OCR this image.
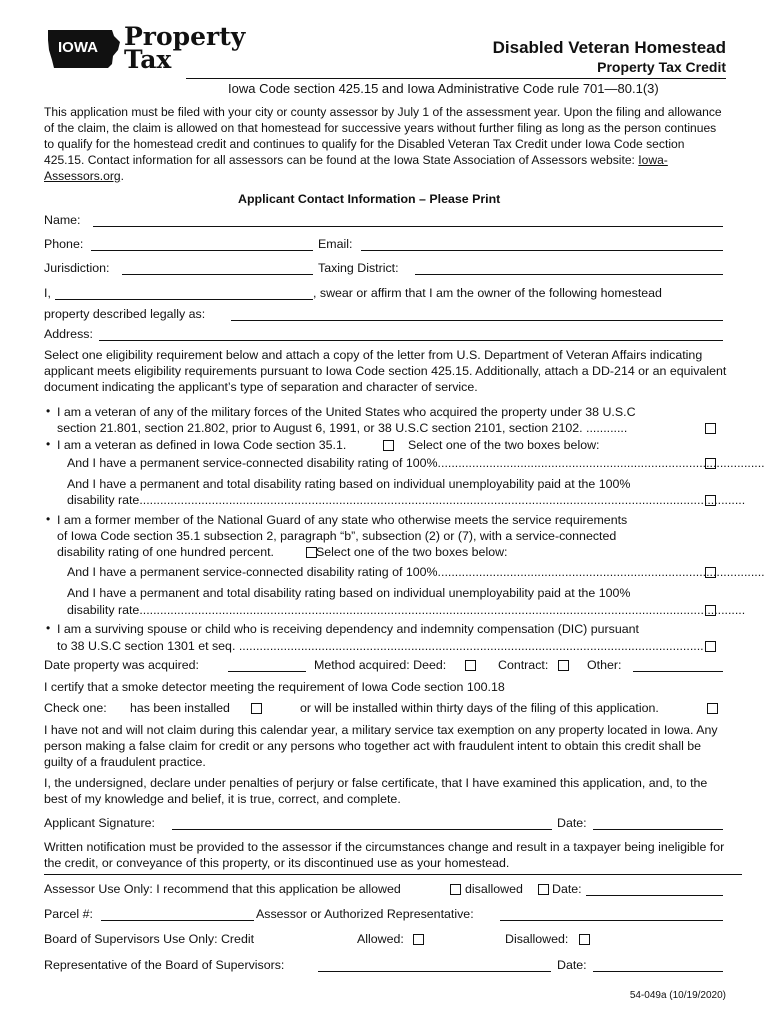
IOWA Property
Tax	Disabled Veteran Homestead
Property Tax Credit
Iowa Code section 425.15 and Iowa Administrative Code rule 701—80.1(3)
This application must be filed with your city or county assessor by July 1 of the assessment year. Upon the filing and allowance of the claim, the claim is allowed on that homestead for successive years without further filing as long as the person continues to qualify for the homestead credit and continues to qualify for the Disabled Veteran Tax Credit under Iowa Code section 425.15. Contact information for all assessors can be found at the Iowa State Association of Assessors website: Iowa-Assessors.org.
Applicant Contact Information – Please Print
Name:
Phone:	Email:
Jurisdiction:	Taxing District:
I,	, swear or affirm that I am the owner of the following homestead
property described legally as:
Address:
Select one eligibility requirement below and attach a copy of the letter from U.S. Department of Veteran Affairs indicating applicant meets eligibility requirements pursuant to Iowa Code section 425.15. Additionally, attach a DD-214 or an equivalent document indicating the applicant’s type of separation and character of service.
• I am a veteran of any of the military forces of the United States who acquired the property under 38 U.S.C
section 21.801, section 21.802, prior to August 6, 1991, or 38 U.S.C section 2101, section 2102. ............
• I am a veteran as defined in Iowa Code section 35.1.	Select one of the two boxes below:
And I have a permanent service-connected disability rating of 100%...............................................................................................
And I have a permanent and total disability rating based on individual unemployability paid at the 100%
disability rate................................................................................................................................................................................
• I am a former member of the National Guard of any state who otherwise meets the service requirements
of Iowa Code section 35.1 subsection 2, paragraph “b”, subsection (2) or (7), with a service-connected
disability rating of one hundred percent.	Select one of the two boxes below:
And I have a permanent service-connected disability rating of 100%...............................................................................................
And I have a permanent and total disability rating based on individual unemployability paid at the 100%
disability rate................................................................................................................................................................................
• I am a surviving spouse or child who is receiving dependency and indemnity compensation (DIC) pursuant
to 38 U.S.C section 1301 et seq. .......................................................................................................................................
Date property was acquired:	Method acquired: Deed:	Contract:	Other:
I certify that a smoke detector meeting the requirement of Iowa Code section 100.18
Check one: has been installed	or will be installed within thirty days of the filing of this application.
I have not and will not claim during this calendar year, a military service tax exemption on any property located in Iowa. Any person making a false claim for credit or any persons who together act with fraudulent intent to obtain this credit shall be guilty of a fraudulent practice.
I, the undersigned, declare under penalties of perjury or false certificate, that I have examined this application, and, to the best of my knowledge and belief, it is true, correct, and complete.
Applicant Signature:	Date:
Written notification must be provided to the assessor if the circumstances change and result in a taxpayer being ineligible for the credit, or conveyance of this property, or its discontinued use as your homestead.
Assessor Use Only: I recommend that this application be allowed	disallowed Date:
Parcel #:	Assessor or Authorized Representative:
Board of Supervisors Use Only: Credit	Allowed:	Disallowed:
Representative of the Board of Supervisors:	Date:
54-049a (10/19/2020)
